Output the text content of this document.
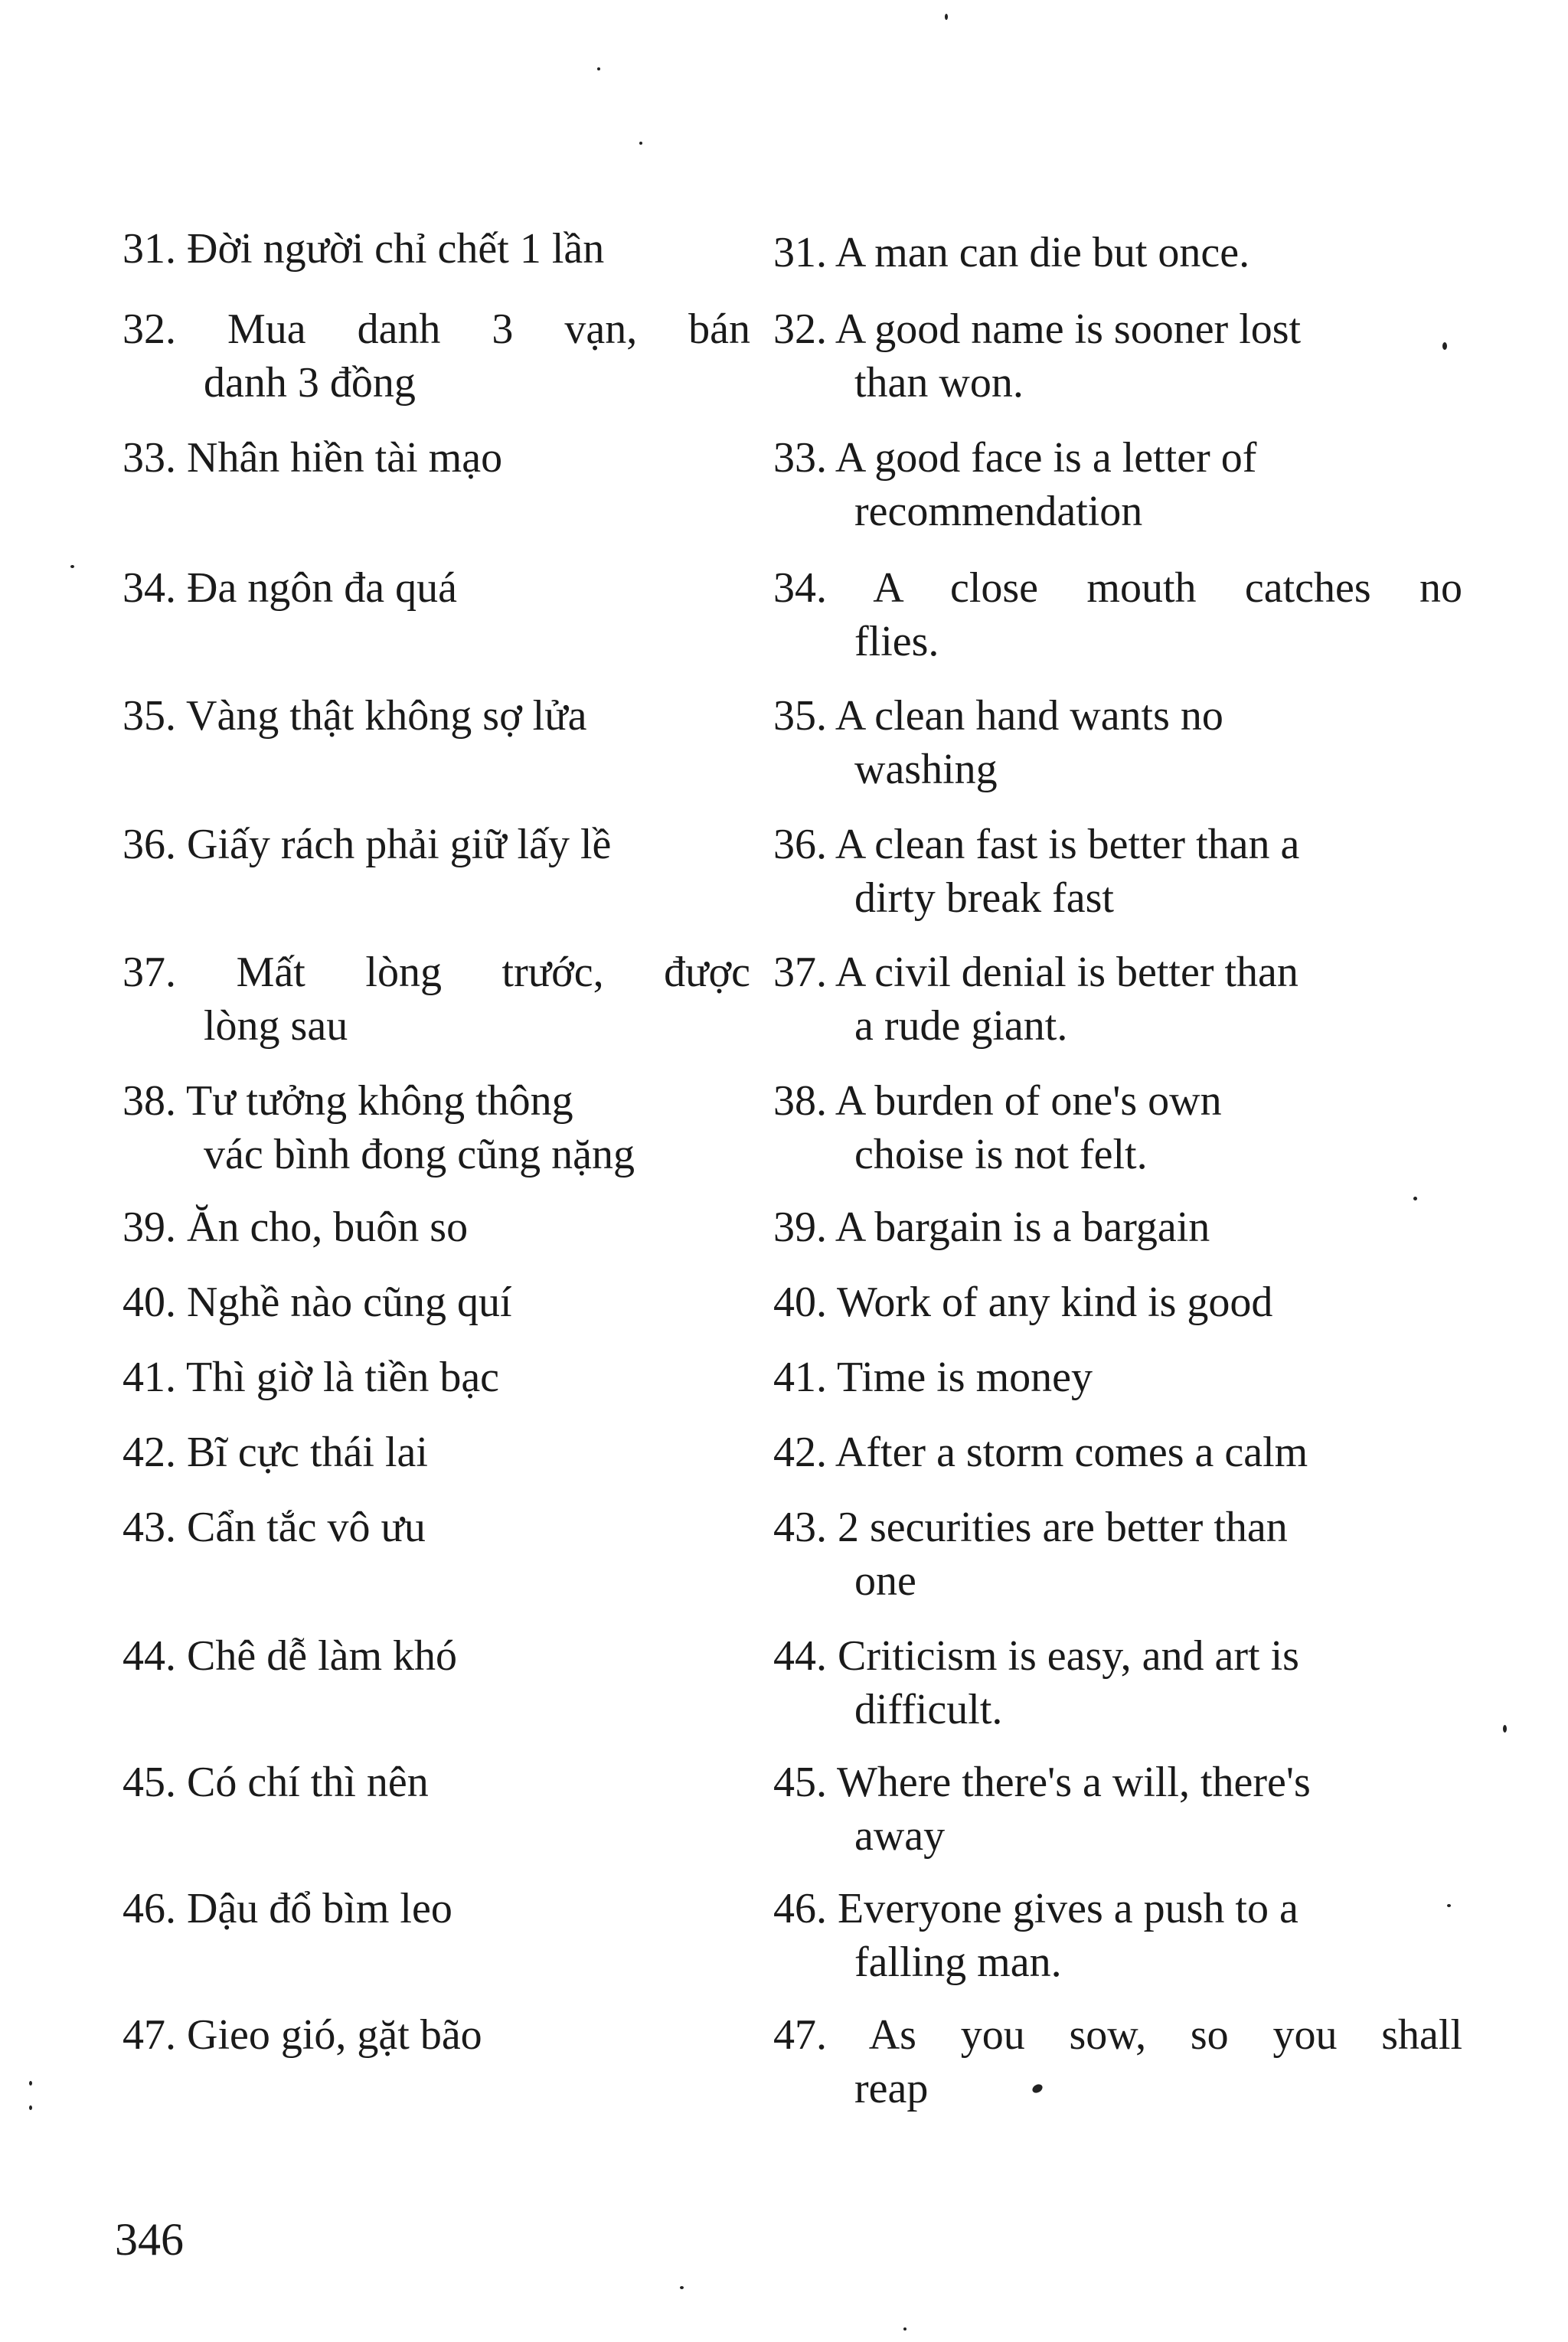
31. Đời người chỉ chết 1 lần
32. Mua danh 3 vạn, bán
danh 3 đồng
33. Nhân hiền tài mạo
34. Đa ngôn đa quá
35. Vàng thật không sợ lửa
36. Giấy rách phải giữ lấy lề
37. Mất lòng trước, được
lòng sau
38. Tư tưởng không thông
vác bình đong cũng nặng
39. Ăn cho, buôn so
40. Nghề nào cũng quí
41. Thì giờ là tiền bạc
42. Bĩ cực thái lai
43. Cẩn tắc vô ưu
44. Chê dễ làm khó
45. Có chí thì nên
46. Dậu đổ bìm leo
47. Gieo gió, gặt bão
31. A man can die but once.
32. A good name is sooner lost
than won.
33. A good face is a letter of
recommendation
34. A close mouth catches no
flies.
35. A clean hand wants no
washing
36. A clean fast is better than a
dirty break fast
37. A civil denial is better than
a rude giant.
38. A burden of one's own
choise is not felt.
39. A bargain is a bargain
40. Work of any kind is good
41. Time is money
42. After a storm comes a calm
43. 2 securities are better than
one
44. Criticism is easy, and art is
difficult.
45. Where there's a will, there's
away
46. Everyone gives a push to a
falling man.
47. As you sow, so you shall
reap
346
